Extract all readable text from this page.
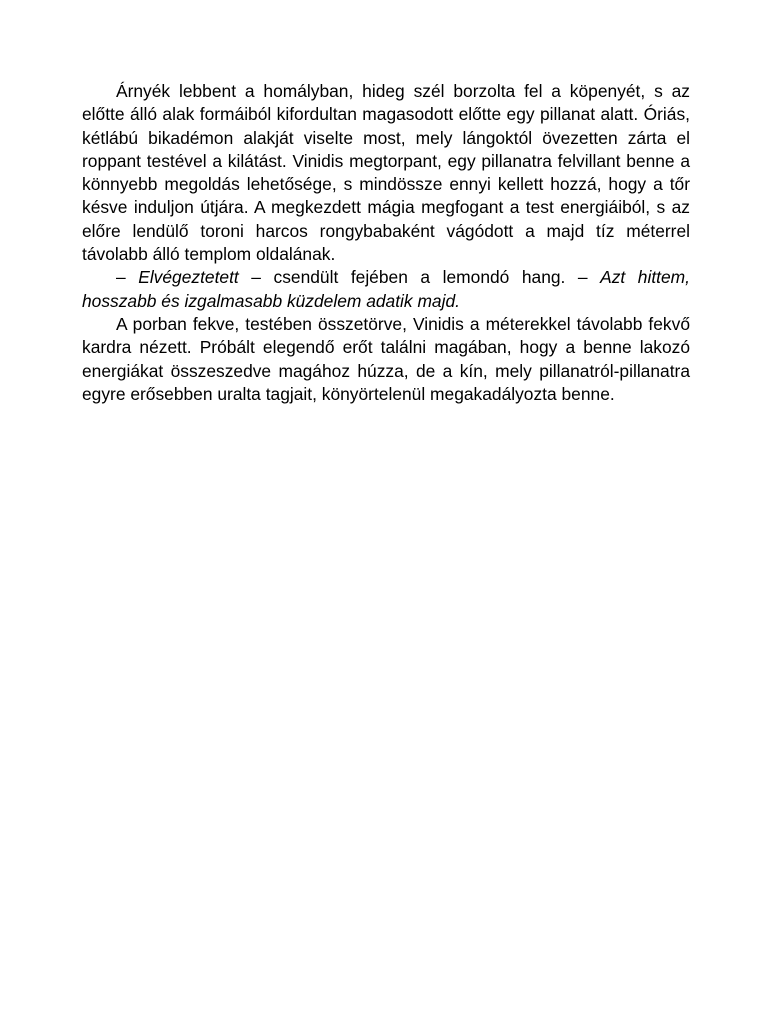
Árnyék lebbent a homályban, hideg szél borzolta fel a köpenyét, s az előtte álló alak formáiból kifordultan magasodott előtte egy pillanat alatt. Óriás, kétlábú bikadémon alakját viselte most, mely lángoktól övezetten zárta el roppant testével a kilátást. Vinidis megtorpant, egy pillanatra felvillant benne a könnyebb megoldás lehetősége, s mindössze ennyi kellett hozzá, hogy a tőr késve induljon útjára. A megkezdett mágia megfogant a test energiáiból, s az előre lendülő toroni harcos rongybabaként vágódott a majd tíz méterrel távolabb álló templom oldalának.

– Elvégeztetett – csendült fejében a lemondó hang. – Azt hittem, hosszabb és izgalmasabb küzdelem adatik majd.

A porban fekve, testében összetörve, Vinidis a méterekkel távolabb fekvő kardra nézett. Próbált elegendő erőt találni magában, hogy a benne lakozó energiákat összeszedve magához húzza, de a kín, mely pillanatról-pillanatra egyre erősebben uralta tagjait, könyörtelenül megakadályozta benne.
